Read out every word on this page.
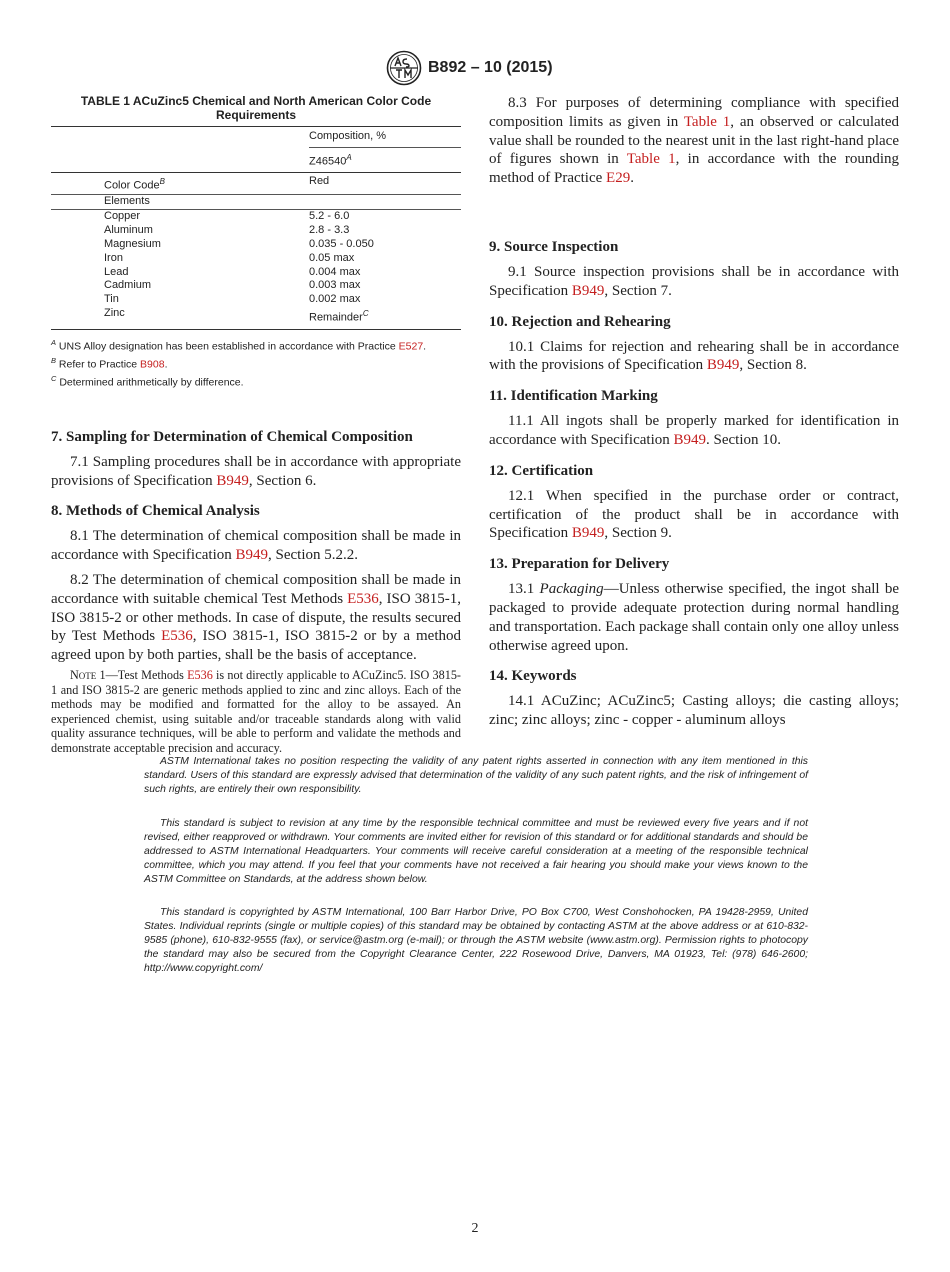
B892 – 10 (2015)
TABLE 1 ACuZinc5 Chemical and North American Color Code Requirements
		Composition, %
		$Z46540^A$
	Color Code$^B$	Red
	Elements	
	Copper	5.2 - 6.0
	Aluminum	2.8 - 3.3
	Magnesium	0.035 - 0.050
	Iron	0.05 max
	Lead	0.004 max
	Cadmium	0.003 max
	Tin	0.002 max
	Zinc	Remainder$^C$

$^A$ UNS Alloy designation has been established in accordance with Practice E527.

$^B$ Refer to Practice B908.

$^C$ Determined arithmetically by difference.

7. Sampling for Determination of Chemical Composition

7.1 Sampling procedures shall be in accordance with appropriate provisions of Specification B949, Section 6.

8. Methods of Chemical Analysis

8.1 The determination of chemical composition shall be made in accordance with Specification B949, Section 5.2.2.

8.2 The determination of chemical composition shall be made in accordance with suitable chemical Test Methods E536, ISO 3815-1, ISO 3815-2 or other methods. In case of dispute, the results secured by Test Methods E536, ISO 3815-1, ISO 3815-2 or by a method agreed upon by both parties, shall be the basis of acceptance.

Note 1—Test Methods E536 is not directly applicable to ACuZinc5. ISO 3815-1 and ISO 3815-2 are generic methods applied to zinc and zinc alloys. Each of the methods may be modified and formatted for the alloy to be assayed. An experienced chemist, using suitable and/or traceable standards along with valid quality assurance techniques, will be able to perform and validate the methods and demonstrate acceptable precision and accuracy.

8.3 For purposes of determining compliance with specified composition limits as given in Table 1, an observed or calculated value shall be rounded to the nearest unit in the last right-hand place of figures shown in Table 1, in accordance with the rounding method of Practice E29.

9. Source Inspection

9.1 Source inspection provisions shall be in accordance with Specification B949, Section 7.

10. Rejection and Rehearing

10.1 Claims for rejection and rehearing shall be in accordance with the provisions of Specification B949, Section 8.

11. Identification Marking

11.1 All ingots shall be properly marked for identification in accordance with Specification B949. Section 10.

12. Certification

12.1 When specified in the purchase order or contract, certification of the product shall be in accordance with Specification B949, Section 9.

13. Preparation for Delivery

13.1 Packaging—Unless otherwise specified, the ingot shall be packaged to provide adequate protection during normal handling and transportation. Each package shall contain only one alloy unless otherwise agreed upon.

14. Keywords

14.1 ACuZinc; ACuZinc5; Casting alloys; die casting alloys; zinc; zinc alloys; zinc - copper - aluminum alloys

ASTM International takes no position respecting the validity of any patent rights asserted in connection with any item mentioned in this standard. Users of this standard are expressly advised that determination of the validity of any such patent rights, and the risk of infringement of such rights, are entirely their own responsibility.

This standard is subject to revision at any time by the responsible technical committee and must be reviewed every five years and if not revised, either reapproved or withdrawn. Your comments are invited either for revision of this standard or for additional standards and should be addressed to ASTM International Headquarters. Your comments will receive careful consideration at a meeting of the responsible technical committee, which you may attend. If you feel that your comments have not received a fair hearing you should make your views known to the ASTM Committee on Standards, at the address shown below.

This standard is copyrighted by ASTM International, 100 Barr Harbor Drive, PO Box C700, West Conshohocken, PA 19428-2959, United States. Individual reprints (single or multiple copies) of this standard may be obtained by contacting ASTM at the above address or at 610-832-9585 (phone), 610-832-9555 (fax), or service@astm.org (e-mail); or through the ASTM website (www.astm.org). Permission rights to photocopy the standard may also be secured from the Copyright Clearance Center, 222 Rosewood Drive, Danvers, MA 01923, Tel: (978) 646-2600; http://www.copyright.com/

2
